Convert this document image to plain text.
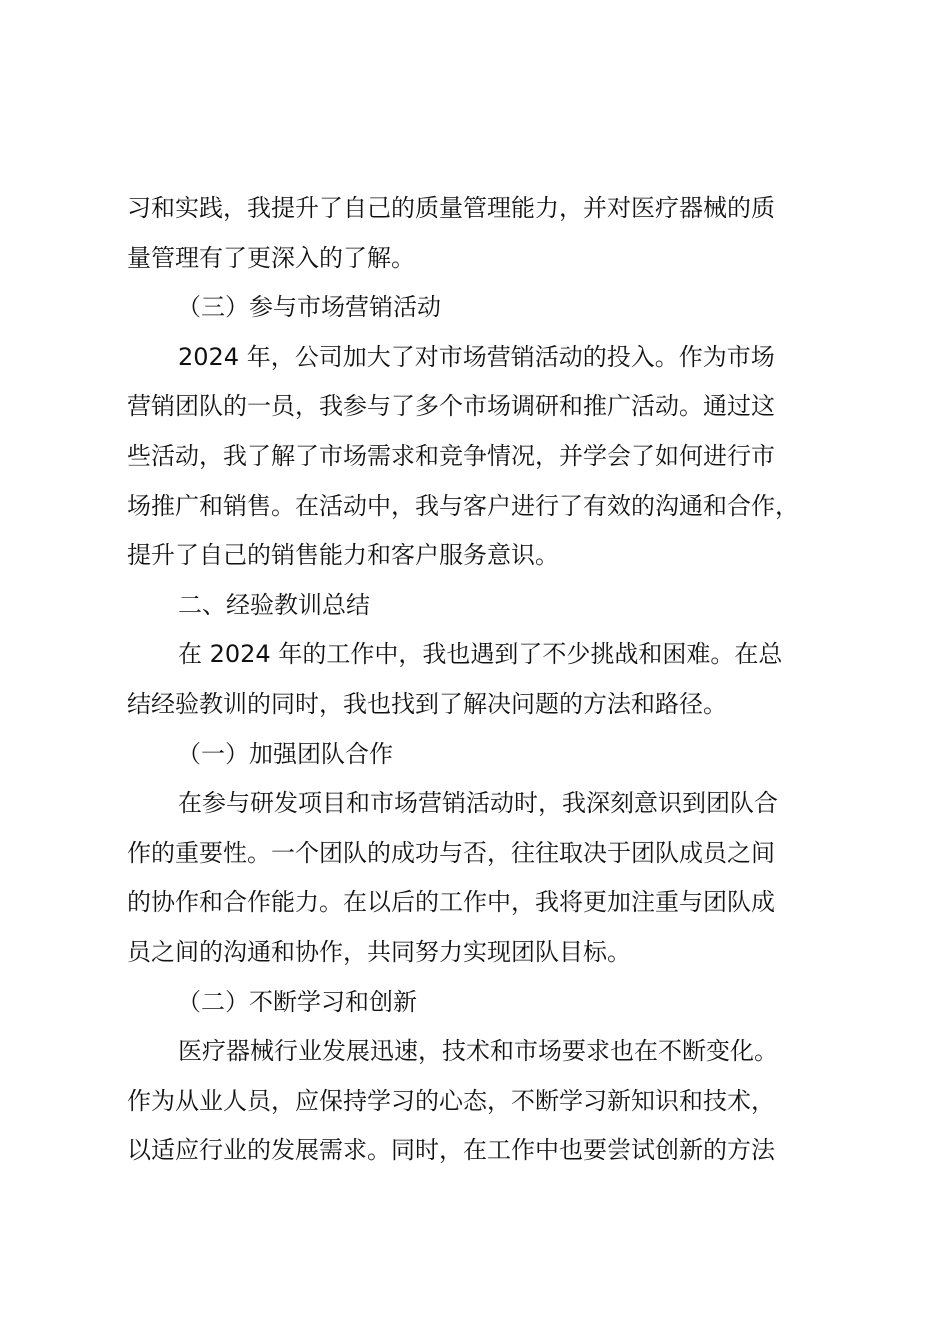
习和实践，我提升了自己的质量管理能力，并对医疗器械的质
量管理有了更深入的了解。
（三）参与市场营销活动
2024 年，公司加大了对市场营销活动的投入。作为市场
营销团队的一员，我参与了多个市场调研和推广活动。通过这
些活动，我了解了市场需求和竞争情况，并学会了如何进行市
场推广和销售。在活动中，我与客户进行了有效的沟通和合作，
提升了自己的销售能力和客户服务意识。
二、经验教训总结
在 2024 年的工作中，我也遇到了不少挑战和困难。在总
结经验教训的同时，我也找到了解决问题的方法和路径。
（一）加强团队合作
在参与研发项目和市场营销活动时，我深刻意识到团队合
作的重要性。一个团队的成功与否，往往取决于团队成员之间
的协作和合作能力。在以后的工作中，我将更加注重与团队成
员之间的沟通和协作，共同努力实现团队目标。
（二）不断学习和创新
医疗器械行业发展迅速，技术和市场要求也在不断变化。
作为从业人员，应保持学习的心态，不断学习新知识和技术，
以适应行业的发展需求。同时，在工作中也要尝试创新的方法
